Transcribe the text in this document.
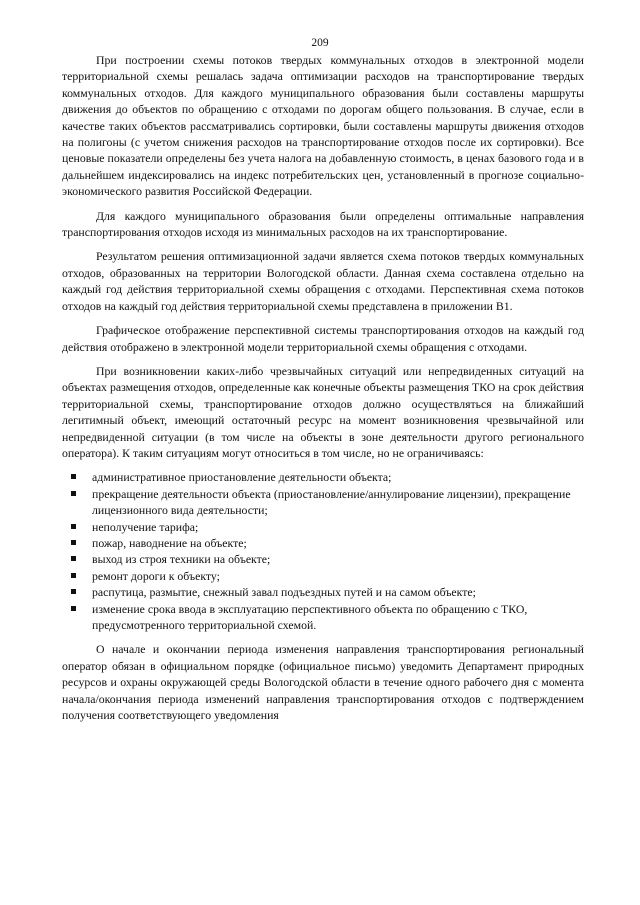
209

При построении схемы потоков твердых коммунальных отходов в электронной модели территориальной схемы решалась задача оптимизации расходов на транспортирование твердых коммунальных отходов. Для каждого муниципального образования были составлены маршруты движения до объектов по обращению с отходами по дорогам общего пользования. В случае, если в качестве таких объектов рассматривались сортировки, были составлены маршруты движения отходов на полигоны (с учетом снижения расходов на транспортирование отходов после их сортировки). Все ценовые показатели определены без учета налога на добавленную стоимость, в ценах базового года и в дальнейшем индексировались на индекс потребительских цен, установленный в прогнозе социально-экономического развития Российской Федерации.

Для каждого муниципального образования были определены оптимальные направления транспортирования отходов исходя из минимальных расходов на их транспортирование.

Результатом решения оптимизационной задачи является схема потоков твердых коммунальных отходов, образованных на территории Вологодской области. Данная схема составлена отдельно на каждый год действия территориальной схемы обращения с отходами. Перспективная схема потоков отходов на каждый год действия территориальной схемы представлена в приложении В1.

Графическое отображение перспективной системы транспортирования отходов на каждый год действия отображено в электронной модели территориальной схемы обращения с отходами.

При возникновении каких-либо чрезвычайных ситуаций или непредвиденных ситуаций на объектах размещения отходов, определенные как конечные объекты размещения ТКО на срок действия территориальной схемы, транспортирование отходов должно осуществляться на ближайший легитимный объект, имеющий остаточный ресурс на момент возникновения чрезвычайной или непредвиденной ситуации (в том числе на объекты в зоне деятельности другого регионального оператора). К таким ситуациям могут относиться в том числе, но не ограничиваясь:

административное приостановление деятельности объекта;
прекращение деятельности объекта (приостановление/аннулирование лицензии), прекращение лицензионного вида деятельности;
неполучение тарифа;
пожар, наводнение на объекте;
выход из строя техники на объекте;
ремонт дороги к объекту;
распутица, размытие, снежный завал подъездных путей и на самом объекте;
изменение срока ввода в эксплуатацию перспективного объекта по обращению с ТКО, предусмотренного территориальной схемой.

О начале и окончании периода изменения направления транспортирования региональный оператор обязан в официальном порядке (официальное письмо) уведомить Департамент природных ресурсов и охраны окружающей среды Вологодской области в течение одного рабочего дня с момента начала/окончания периода изменений направления транспортирования отходов с подтверждением получения соответствующего уведомления
